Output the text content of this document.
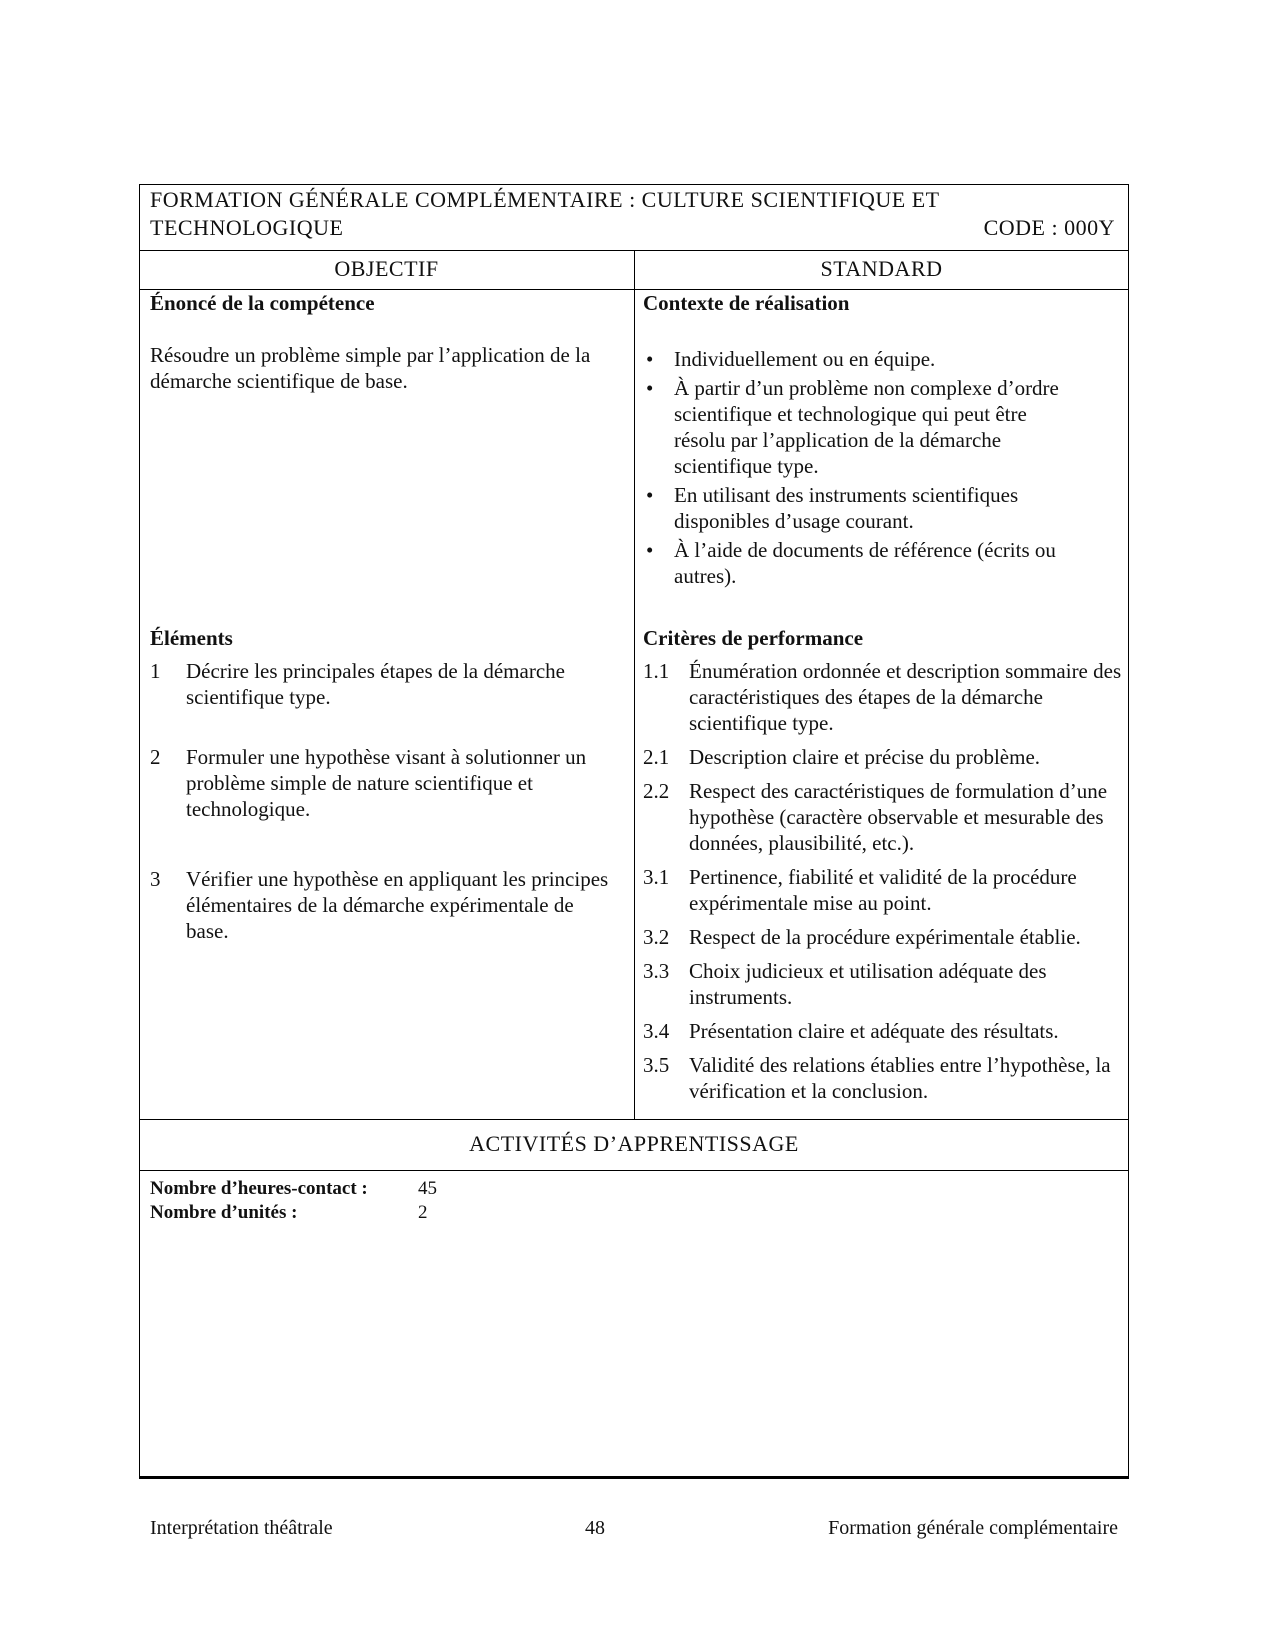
FORMATION GÉNÉRALE COMPLÉMENTAIRE : CULTURE SCIENTIFIQUE ET
TECHNOLOGIQUE	CODE : 000Y
OBJECTIF	STANDARD
Énoncé de la compétence
Résoudre un problème simple par l’application de la démarche scientifique de base.
Contexte de réalisation
• Individuellement ou en équipe.
• À partir d’un problème non complexe d’ordre scientifique et technologique qui peut être résolu par l’application de la démarche scientifique type.
• En utilisant des instruments scientifiques disponibles d’usage courant.
• À l’aide de documents de référence (écrits ou autres).
Éléments
1	Décrire les principales étapes de la démarche scientifique type.
2	Formuler une hypothèse visant à solutionner un problème simple de nature scientifique et technologique.
3	Vérifier une hypothèse en appliquant les principes élémentaires de la démarche expérimentale de base.
Critères de performance
1.1 Énumération ordonnée et description sommaire des caractéristiques des étapes de la démarche scientifique type.
2.1 Description claire et précise du problème.
2.2 Respect des caractéristiques de formulation d’une hypothèse (caractère observable et mesurable des données, plausibilité, etc.).
3.1 Pertinence, fiabilité et validité de la procédure expérimentale mise au point.
3.2 Respect de la procédure expérimentale établie.
3.3 Choix judicieux et utilisation adéquate des instruments.
3.4 Présentation claire et adéquate des résultats.
3.5 Validité des relations établies entre l’hypothèse, la vérification et la conclusion.
ACTIVITÉS D’APPRENTISSAGE
Nombre d’heures-contact :	45
Nombre d’unités :	2
Interprétation théâtrale	48	Formation générale complémentaire
